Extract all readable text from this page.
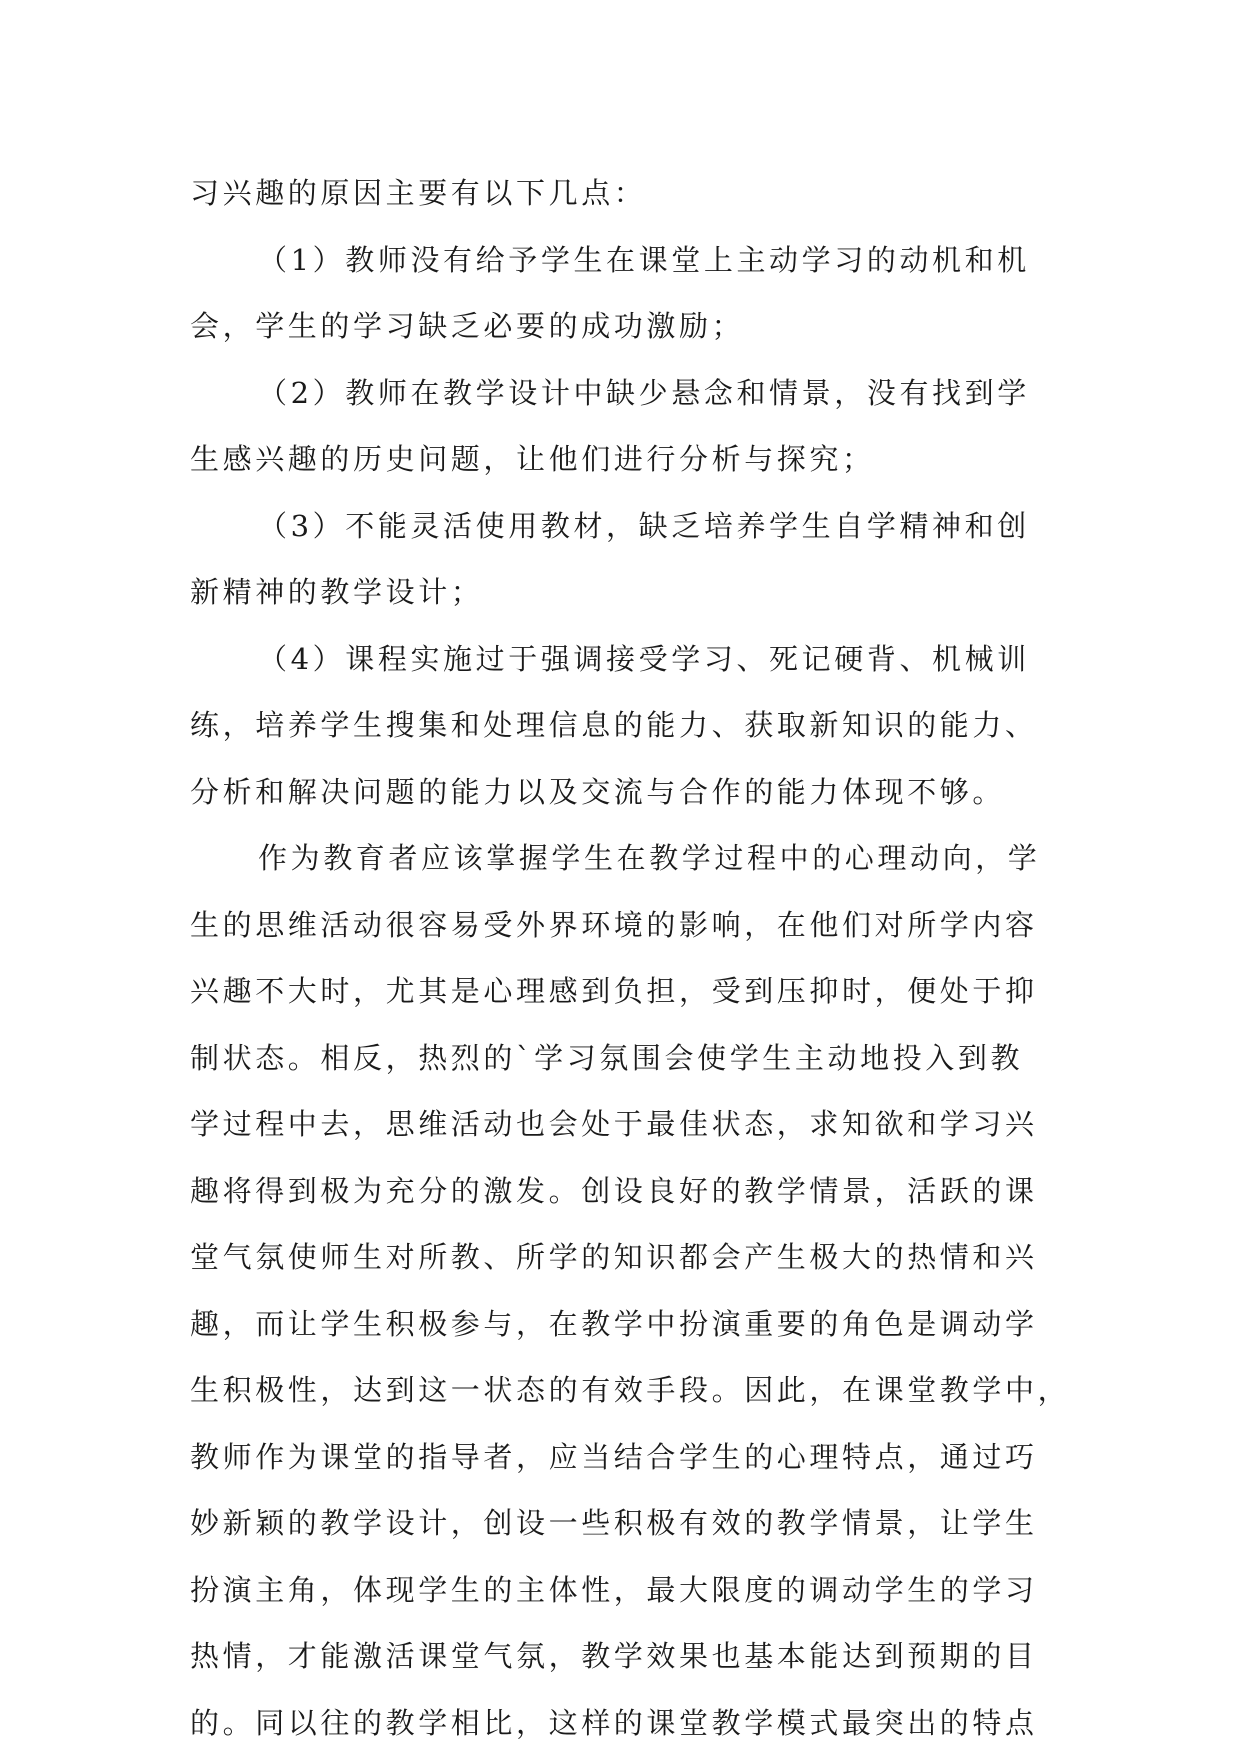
习兴趣的原因主要有以下几点：
（1）教师没有给予学生在课堂上主动学习的动机和机
会，学生的学习缺乏必要的成功激励；
（2）教师在教学设计中缺少悬念和情景，没有找到学
生感兴趣的历史问题，让他们进行分析与探究；
（3）不能灵活使用教材，缺乏培养学生自学精神和创
新精神的教学设计；
（4）课程实施过于强调接受学习、死记硬背、机械训
练，培养学生搜集和处理信息的能力、获取新知识的能力、
分析和解决问题的能力以及交流与合作的能力体现不够。
作为教育者应该掌握学生在教学过程中的心理动向，学
生的思维活动很容易受外界环境的影响，在他们对所学内容
兴趣不大时，尤其是心理感到负担，受到压抑时，便处于抑
制状态。相反，热烈的`学习氛围会使学生主动地投入到教
学过程中去，思维活动也会处于最佳状态，求知欲和学习兴
趣将得到极为充分的激发。创设良好的教学情景，活跃的课
堂气氛使师生对所教、所学的知识都会产生极大的热情和兴
趣，而让学生积极参与，在教学中扮演重要的角色是调动学
生积极性，达到这一状态的有效手段。因此，在课堂教学中，
教师作为课堂的指导者，应当结合学生的心理特点，通过巧
妙新颖的教学设计，创设一些积极有效的教学情景，让学生
扮演主角，体现学生的主体性，最大限度的调动学生的学习
热情，才能激活课堂气氛，教学效果也基本能达到预期的目
的。同以往的教学相比，这样的课堂教学模式最突出的特点
